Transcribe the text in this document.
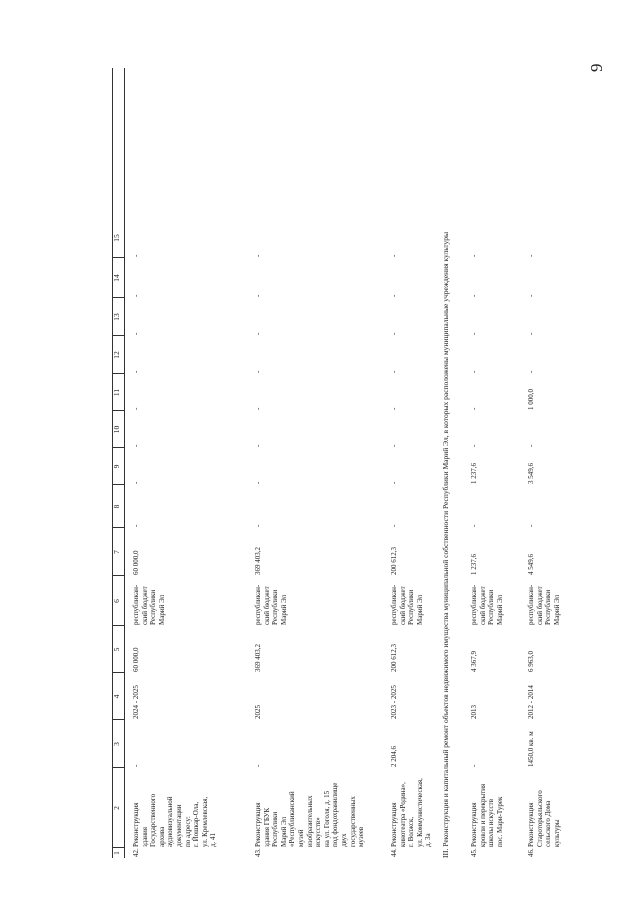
9
1
2
3
4
5
6
7
8
9
10
11
12
13
14
15
42.
Реконструкция
здания
Государственного
архива
аудиовизуальной
документации
по адресу:
г. Йошкар-Ола,
ул. Кремлевская,
д. 41
-
2024 - 2025
60 000,0
республикан-
ский бюджет
Республики
Марий Эл
60 000,0
-
-
-
-
-
-
-
-
43.
Реконструкция
здания ГБУК
Республики
Марий Эл
«Республиканский
музей
изобразительных
искусств»
на ул. Гоголя, д. 15
под фондохранилище
двух
государственных
музеев
-
2025
369 403,2
республикан-
ский бюджет
Республики
Марий Эл
369 403,2
-
-
-
-
-
-
-
-
44.
Реконструкция
кинотеатра «Родина»,
г. Волжск,
ул. Коммунистическая,
д. 3а
2 204,6
2023 - 2025
200 612,3
республикан-
ский бюджет
Республики
Марий Эл
200 612,3
-
-
-
-
-
-
-
-
45.
Реконструкция
кровли и перекрытия
школы искусств
пос. Мари-Турек
-
2013
4 367,9
республикан-
ский бюджет
Республики
Марий Эл
1 237,6
-
1 237,6
-
-
-
-
-
-
46.
Реконструкция
Старотoрьяльского
сельского Дома
культуры
1450,0 кв. м
2012 - 2014
6 963,0
республикан-
ский бюджет
Республики
Марий Эл
4 549,6
-
3 549,6
-
1 000,0
-
-
-
-
III. Реконструкция и капитальный ремонт объектов недвижимого имущества муниципальной собственности Республики Марий Эл, в которых расположены муниципальные учреждения культуры
